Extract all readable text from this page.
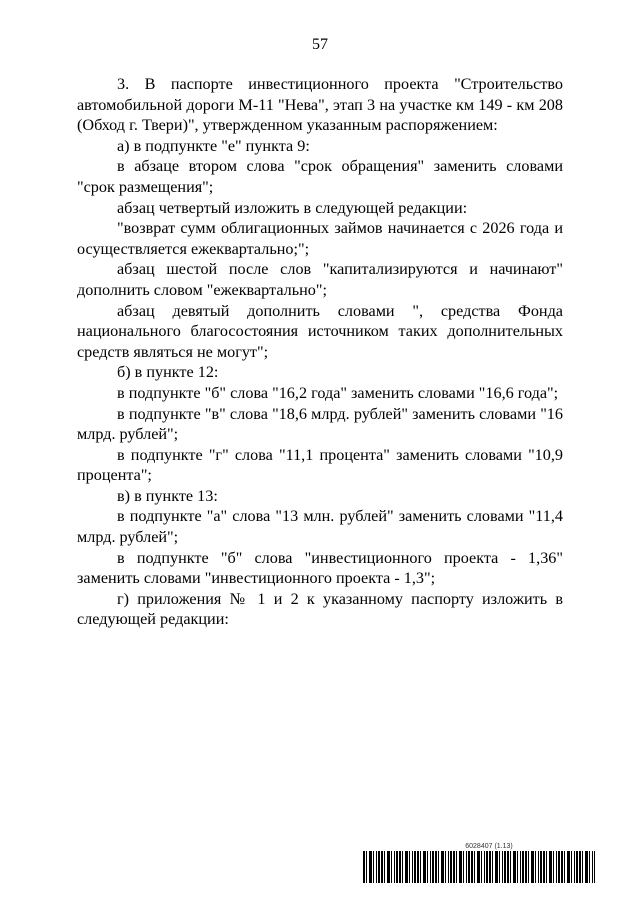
57

3. В паспорте инвестиционного проекта "Строительство автомобильной дороги М-11 "Нева", этап 3 на участке км 149 - км 208 (Обход г. Твери)", утвержденном указанным распоряжением:

а) в подпункте "е" пункта 9:

в абзаце втором слова "срок обращения" заменить словами "срок размещения";

абзац четвертый изложить в следующей редакции:

"возврат сумм облигационных займов начинается с 2026 года и осуществляется ежеквартально;";

абзац шестой после слов "капитализируются и начинают" дополнить словом "ежеквартально";

абзац девятый дополнить словами ", средства Фонда национального благосостояния источником таких дополнительных средств являться не могут";

б) в пункте 12:

в подпункте "б" слова "16,2 года" заменить словами "16,6 года";

в подпункте "в" слова "18,6 млрд. рублей" заменить словами "16 млрд. рублей";

в подпункте "г" слова "11,1 процента" заменить словами "10,9 процента";

в) в пункте 13:

в подпункте "а" слова "13 млн. рублей" заменить словами "11,4 млрд. рублей";

в подпункте "б" слова "инвестиционного проекта - 1,36" заменить словами "инвестиционного проекта - 1,3";

г) приложения № 1 и 2 к указанному паспорту изложить в следующей редакции:

6028407 (1.13)
